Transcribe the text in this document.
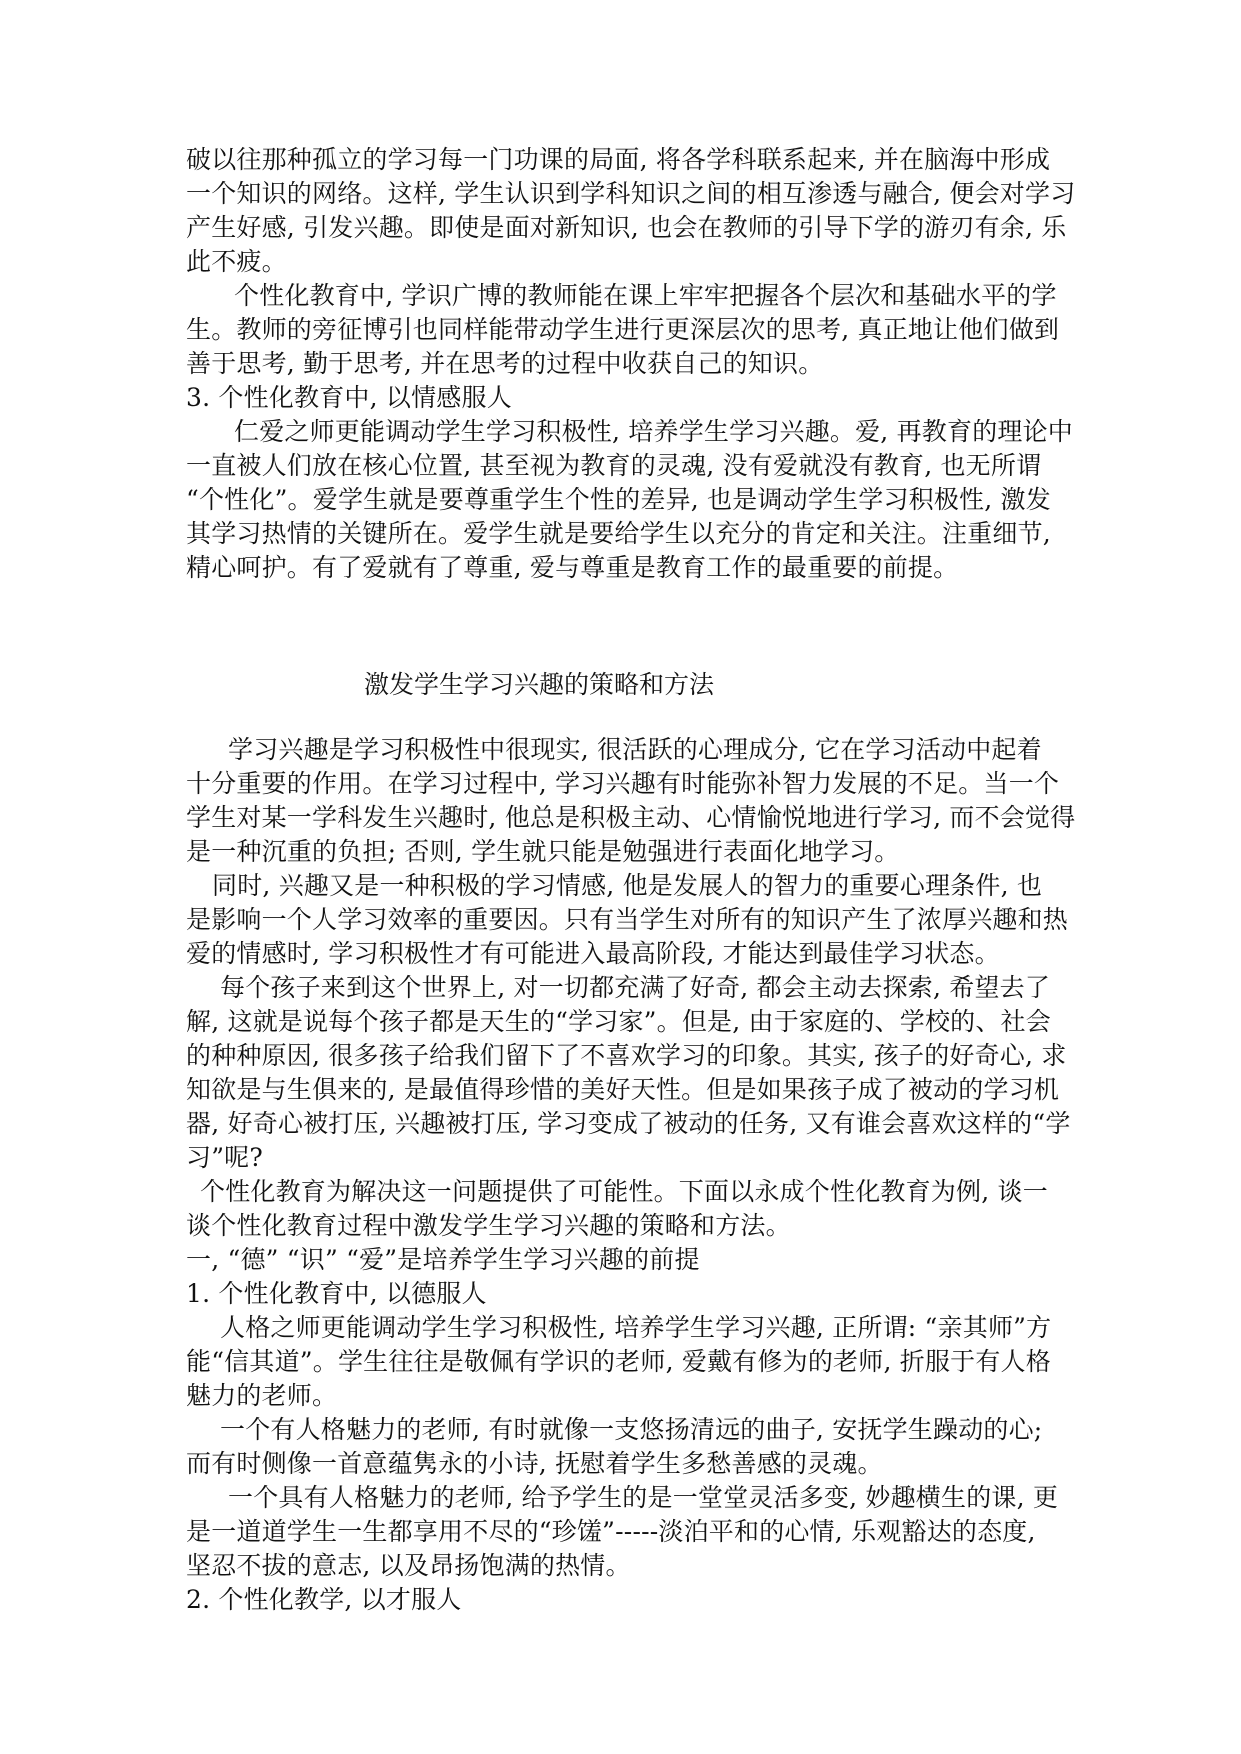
破以往那种孤立的学习每一门功课的局面, 将各学科联系起来, 并在脑海中形成
一个知识的网络。这样, 学生认识到学科知识之间的相互渗透与融合, 便会对学习
产生好感, 引发兴趣。即使是面对新知识, 也会在教师的引导下学的游刃有余, 乐
此不疲。
个性化教育中, 学识广博的教师能在课上牢牢把握各个层次和基础水平的学
生。教师的旁征博引也同样能带动学生进行更深层次的思考, 真正地让他们做到
善于思考, 勤于思考, 并在思考的过程中收获自己的知识。
3. 个性化教育中, 以情感服人
仁爱之师更能调动学生学习积极性, 培养学生学习兴趣。爱, 再教育的理论中
一直被人们放在核心位置, 甚至视为教育的灵魂, 没有爱就没有教育, 也无所谓
“个性化”。爱学生就是要尊重学生个性的差异, 也是调动学生学习积极性, 激发
其学习热情的关键所在。爱学生就是要给学生以充分的肯定和关注。注重细节,
精心呵护。有了爱就有了尊重, 爱与尊重是教育工作的最重要的前提。
激发学生学习兴趣的策略和方法
学习兴趣是学习积极性中很现实, 很活跃的心理成分, 它在学习活动中起着
十分重要的作用。在学习过程中, 学习兴趣有时能弥补智力发展的不足。当一个
学生对某一学科发生兴趣时, 他总是积极主动、心情愉悦地进行学习, 而不会觉得
是一种沉重的负担; 否则, 学生就只能是勉强进行表面化地学习。
同时, 兴趣又是一种积极的学习情感, 他是发展人的智力的重要心理条件, 也
是影响一个人学习效率的重要因。只有当学生对所有的知识产生了浓厚兴趣和热
爱的情感时, 学习积极性才有可能进入最高阶段, 才能达到最佳学习状态。
每个孩子来到这个世界上, 对一切都充满了好奇, 都会主动去探索, 希望去了
解, 这就是说每个孩子都是天生的“学习家”。但是, 由于家庭的、学校的、社会
的种种原因, 很多孩子给我们留下了不喜欢学习的印象。其实, 孩子的好奇心, 求
知欲是与生俱来的, 是最值得珍惜的美好天性。但是如果孩子成了被动的学习机
器, 好奇心被打压, 兴趣被打压, 学习变成了被动的任务, 又有谁会喜欢这样的“学
习”呢?
个性化教育为解决这一问题提供了可能性。下面以永成个性化教育为例, 谈一
谈个性化教育过程中激发学生学习兴趣的策略和方法。
一, “德” “识” “爱”是培养学生学习兴趣的前提
1. 个性化教育中, 以德服人
人格之师更能调动学生学习积极性, 培养学生学习兴趣, 正所谓: “亲其师”方
能“信其道”。学生往往是敬佩有学识的老师, 爱戴有修为的老师, 折服于有人格
魅力的老师。
一个有人格魅力的老师, 有时就像一支悠扬清远的曲子, 安抚学生躁动的心;
而有时侧像一首意蕴隽永的小诗, 抚慰着学生多愁善感的灵魂。
一个具有人格魅力的老师, 给予学生的是一堂堂灵活多变, 妙趣横生的课, 更
是一道道学生一生都享用不尽的“珍馐”-----淡泊平和的心情, 乐观豁达的态度,
坚忍不拔的意志, 以及昂扬饱满的热情。
2. 个性化教学, 以才服人
